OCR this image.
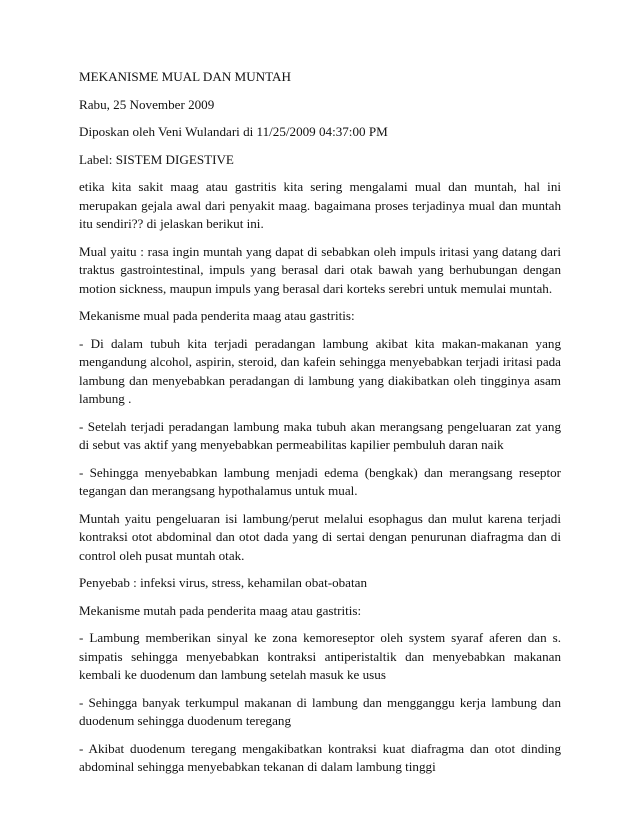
MEKANISME MUAL DAN MUNTAH

Rabu, 25 November 2009

Diposkan oleh Veni Wulandari di 11/25/2009 04:37:00 PM

Label: SISTEM DIGESTIVE

etika kita sakit maag atau gastritis kita sering mengalami mual dan muntah, hal ini merupakan gejala awal dari penyakit maag. bagaimana proses terjadinya mual dan muntah itu sendiri?? di jelaskan berikut ini.

Mual yaitu : rasa ingin muntah yang dapat di sebabkan oleh impuls iritasi yang datang dari traktus gastrointestinal, impuls yang berasal dari otak bawah yang berhubungan dengan motion sickness, maupun impuls yang berasal dari korteks serebri untuk memulai muntah.

Mekanisme mual pada penderita maag atau gastritis:

- Di dalam tubuh kita terjadi peradangan lambung akibat kita makan-makanan yang mengandung alcohol, aspirin, steroid, dan kafein sehingga menyebabkan terjadi iritasi pada lambung dan menyebabkan peradangan di lambung yang diakibatkan oleh tingginya asam lambung .

- Setelah terjadi peradangan lambung maka tubuh akan merangsang pengeluaran zat yang di sebut vas aktif yang menyebabkan permeabilitas kapilier pembuluh daran naik

- Sehingga menyebabkan lambung menjadi edema (bengkak) dan merangsang reseptor tegangan dan merangsang hypothalamus untuk mual.

Muntah yaitu pengeluaran isi lambung/perut melalui esophagus dan mulut karena terjadi kontraksi otot abdominal dan otot dada yang di sertai dengan penurunan diafragma dan di control oleh pusat muntah otak.

Penyebab : infeksi virus, stress, kehamilan obat-obatan

Mekanisme mutah pada penderita maag atau gastritis:

- Lambung memberikan sinyal ke zona kemoreseptor oleh system syaraf aferen dan s. simpatis sehingga menyebabkan kontraksi antiperistaltik dan menyebabkan makanan kembali ke duodenum dan lambung setelah masuk ke usus

- Sehingga banyak terkumpul makanan di lambung dan mengganggu kerja lambung dan duodenum sehingga duodenum teregang

- Akibat duodenum teregang mengakibatkan kontraksi kuat diafragma dan otot dinding abdominal sehingga menyebabkan tekanan di dalam lambung tinggi
